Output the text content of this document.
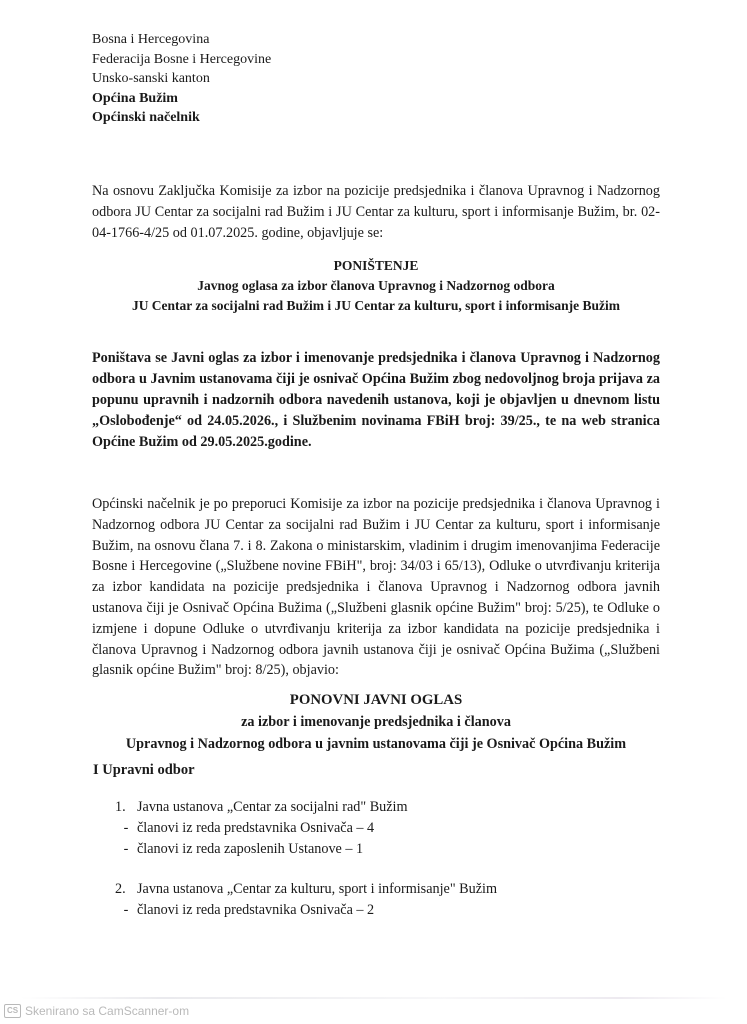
Bosna i Hercegovina
Federacija Bosne i Hercegovine
Unsko-sanski kanton
Općina Bužim
Općinski načelnik
Na osnovu Zaključka Komisije za izbor na pozicije predsjednika i članova Upravnog i Nadzornog odbora JU Centar za socijalni rad Bužim i JU Centar za kulturu, sport i informisanje Bužim, br. 02-04-1766-4/25 od 01.07.2025. godine, objavljuje se:
PONIŠTENJE
Javnog oglasa za izbor članova Upravnog i Nadzornog odbora
JU Centar za socijalni rad Bužim i JU Centar za kulturu, sport i informisanje Bužim
Poništava se Javni oglas za izbor i imenovanje predsjednika i članova Upravnog i Nadzornog odbora u Javnim ustanovama čiji je osnivač Općina Bužim zbog nedovoljnog broja prijava za popunu upravnih i nadzornih odbora navedenih ustanova, koji je objavljen u dnevnom listu „Oslobođenje“ od 24.05.2026., i Službenim novinama FBiH broj: 39/25., te na web stranica Općine Bužim od 29.05.2025.godine.
Općinski načelnik je po preporuci Komisije za izbor na pozicije predsjednika i članova Upravnog i Nadzornog odbora JU Centar za socijalni rad Bužim i JU Centar za kulturu, sport i informisanje Bužim, na osnovu člana 7. i 8. Zakona o ministarskim, vladinim i drugim imenovanjima Federacije Bosne i Hercegovine („Službene novine FBiH", broj: 34/03 i 65/13), Odluke o utvrđivanju kriterija za izbor kandidata na pozicije predsjednika i članova Upravnog i Nadzornog odbora javnih ustanova čiji je Osnivač Općina Bužima („Službeni glasnik općine Bužim" broj: 5/25), te Odluke o izmjene i dopune Odluke o utvrđivanju kriterija za izbor kandidata na pozicije predsjednika i članova Upravnog i Nadzornog odbora javnih ustanova čiji je osnivač Općina Bužima („Službeni glasnik općine Bužim" broj: 8/25), objavio:
PONOVNI JAVNI OGLAS
za izbor i imenovanje predsjednika i članova
Upravnog i Nadzornog odbora u javnim ustanovama čiji je Osnivač Općina Bužim
I Upravni odbor
1. Javna ustanova „Centar za socijalni rad" Bužim
- članovi iz reda predstavnika Osnivača – 4
- članovi iz reda zaposlenih Ustanove – 1
2. Javna ustanova „Centar za kulturu, sport i informisanje" Bužim
- članovi iz reda predstavnika Osnivača – 2
CS Skenirano sa CamScanner-om
